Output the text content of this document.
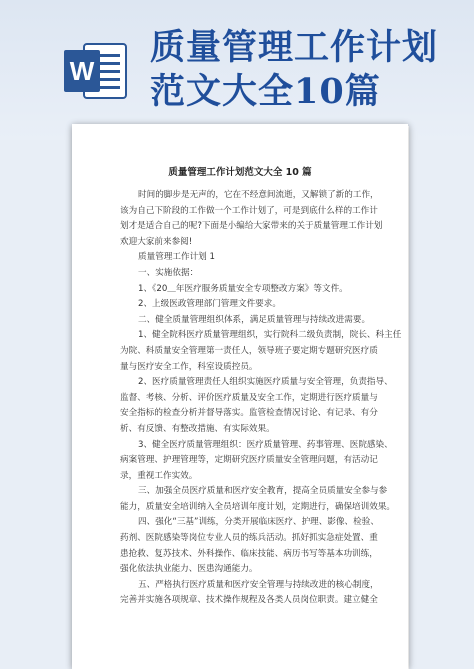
W
质量管理工作计划
范文大全10篇
质量管理工作计划范文大全 10 篇

时间的脚步是无声的，它在不经意间流逝，又解锁了新的工作，

该为自己下阶段的工作做一个工作计划了，可是到底什么样的工作计

划才是适合自己的呢?下面是小编给大家带来的关于质量管理工作计划

欢迎大家前来参阅!

质量管理工作计划 1

一、实施依据：

1、《20＿年医疗服务质量安全专项整改方案》等文件。

2、上级医政管理部门管理文件要求。

二、健全质量管理组织体系，满足质量管理与持续改进需要。

1、健全院科医疗质量管理组织，实行院科二级负责制，院长、科主任

为院、科质量安全管理第一责任人，领导班子要定期专题研究医疗质

量与医疗安全工作，科室设质控员。

2、医疗质量管理责任人组织实施医疗质量与安全管理，负责指导、

监督、考核、分析、评价医疗质量及安全工作，定期进行医疗质量与

安全指标的检查分析并督导落实。监管检查情况讨论、有记录、有分

析、有反馈、有整改措施、有实际效果。

3、健全医疗质量管理组织：医疗质量管理、药事管理、医院感染、

病案管理、护理管理等，定期研究医疗质量安全管理问题，有活动记

录，重视工作实效。

三、加强全员医疗质量和医疗安全教育，提高全员质量安全参与参

能力，质量安全培训纳入全员培训年度计划，定期进行，确保培训效果。

四、强化“三基”训练，分类开展临床医疗、护理、影像、检验、

药剂、医院感染等岗位专业人员的练兵活动。抓好抓实急症处置、重

患抢救、复苏技术、外科操作、临床技能、病历书写等基本功训练，

强化依法执业能力、医患沟通能力。

五、严格执行医疗质量和医疗安全管理与持续改进的核心制度，

完善并实施各项规章、技术操作规程及各类人员岗位职责。建立健全
